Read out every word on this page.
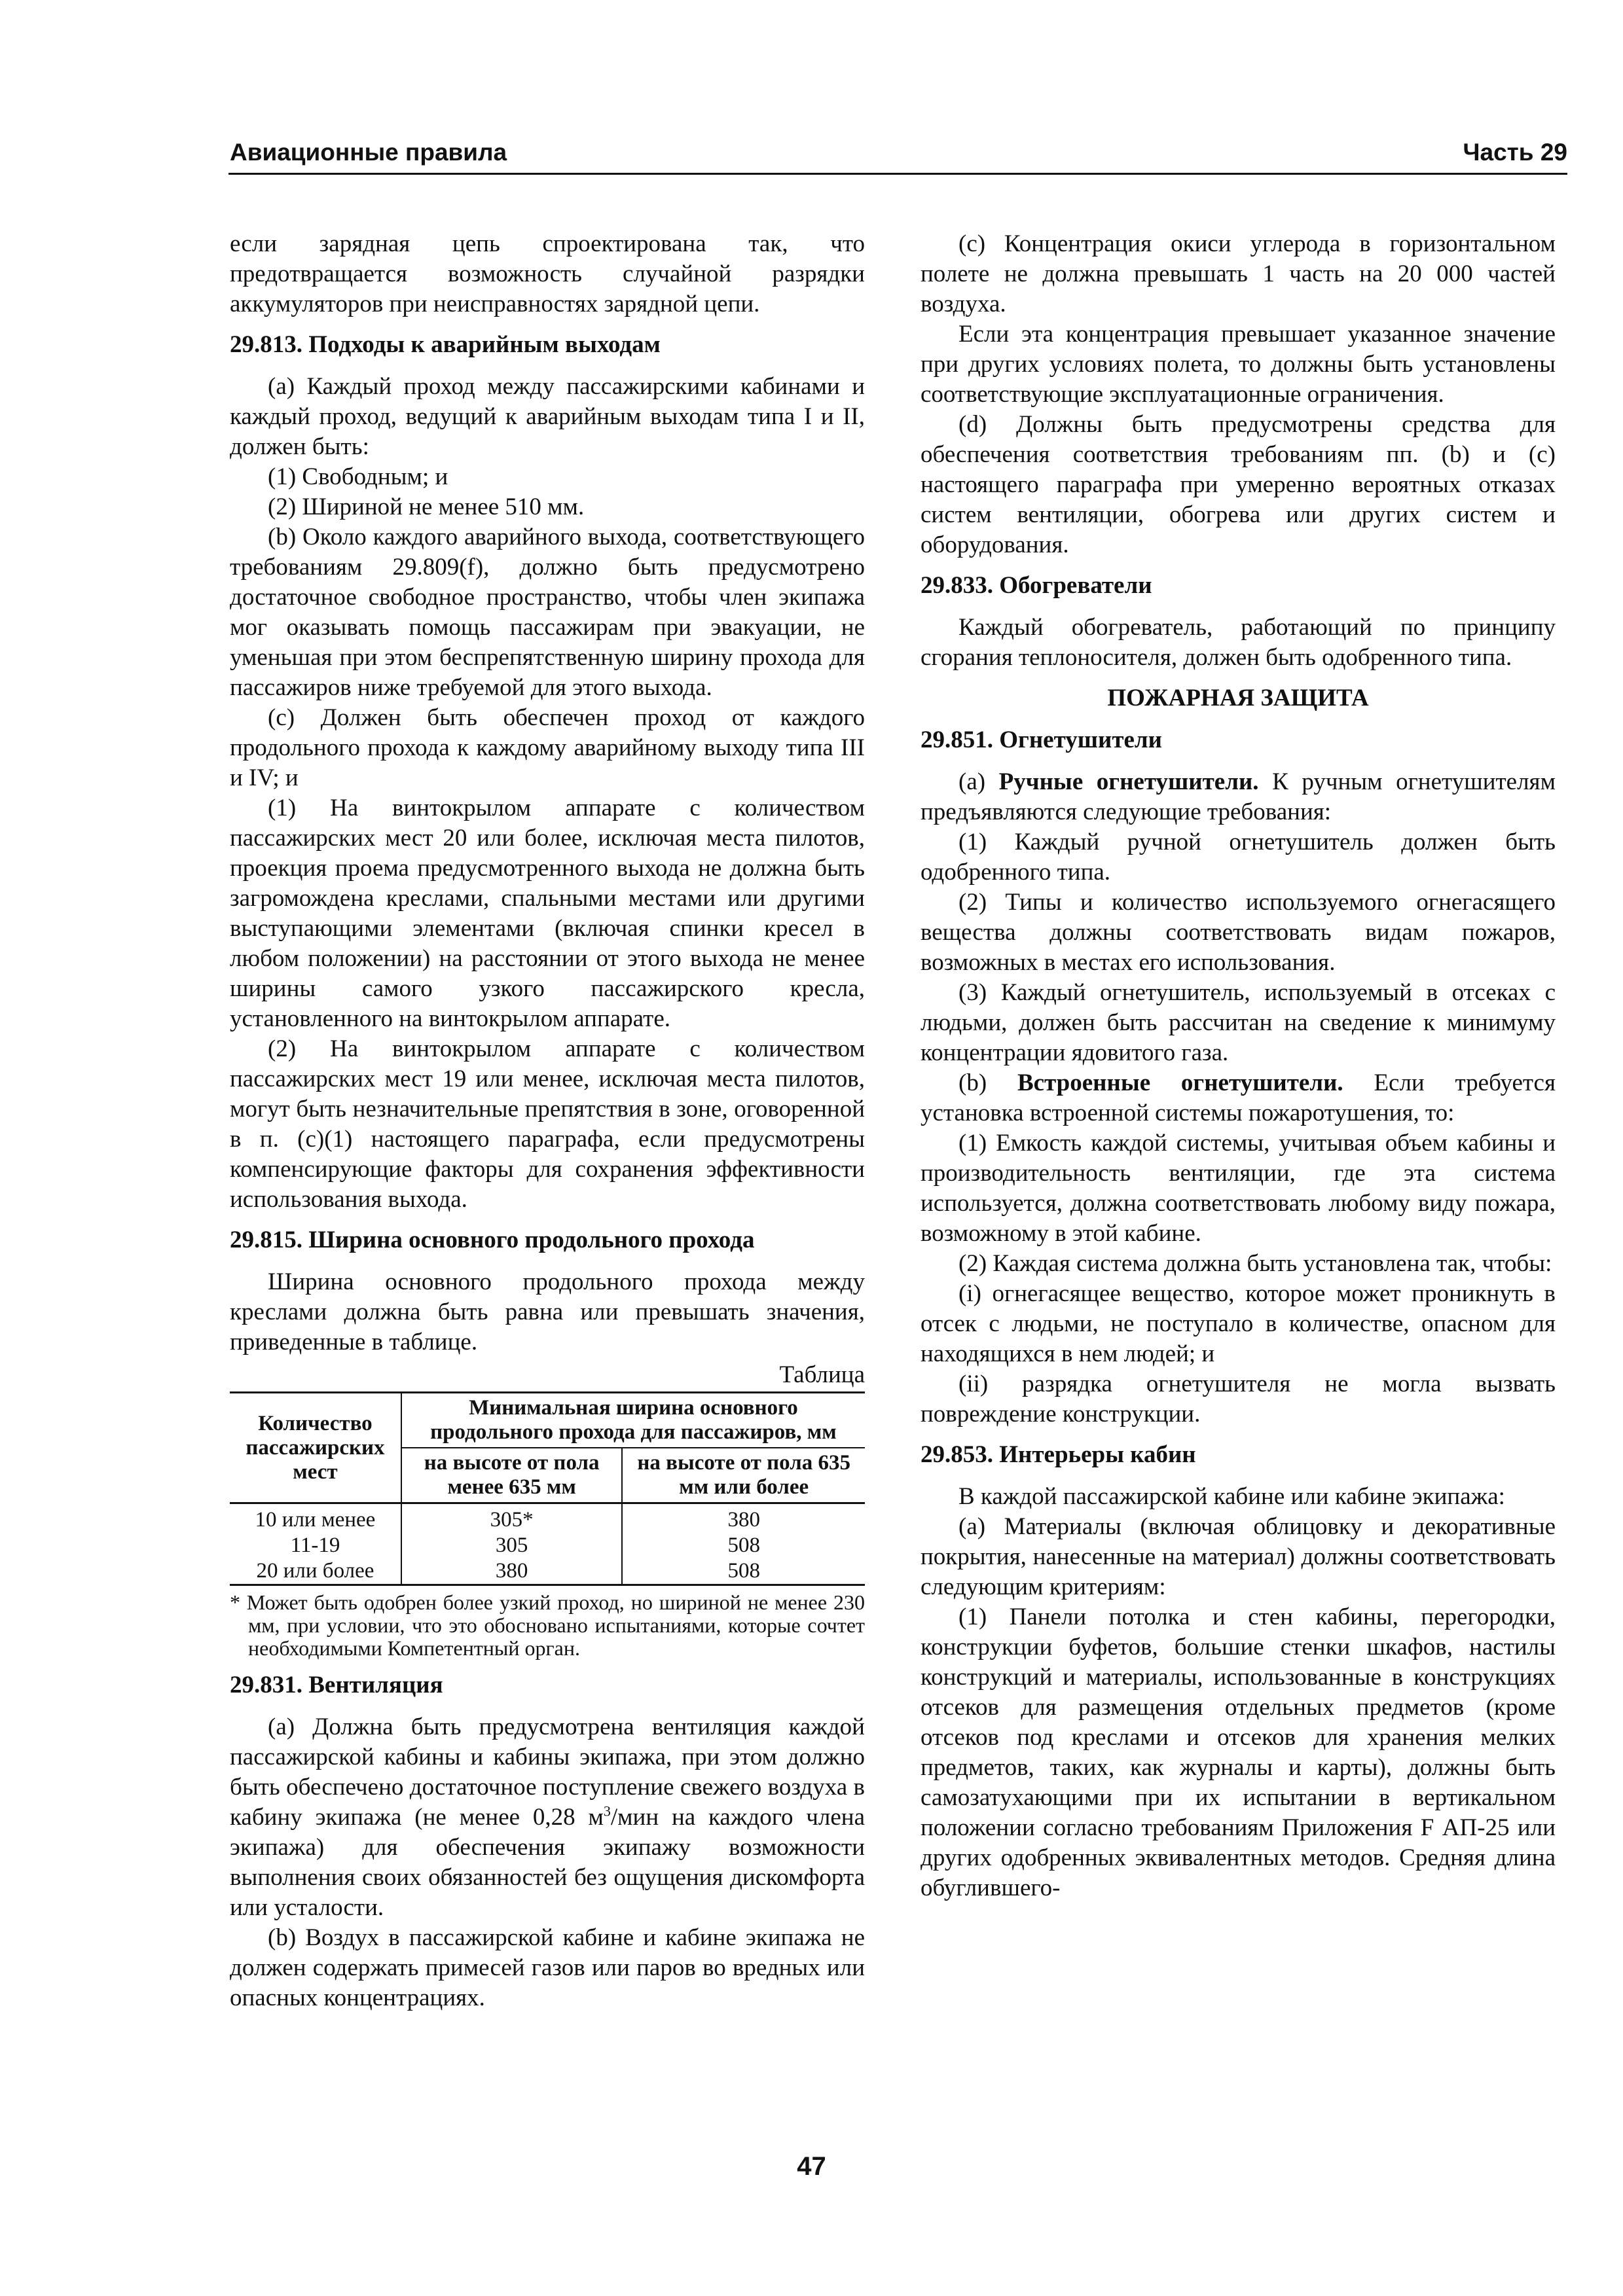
Авиационные правила	Часть 29

если зарядная цепь спроектирована так, что предотвращается возможность случайной разрядки аккумуляторов при неисправностях зарядной цепи.

29.813. Подходы к аварийным выходам

(a) Каждый проход между пассажирскими кабинами и каждый проход, ведущий к аварийным выходам типа I и II, должен быть:

(1) Свободным; и

(2) Шириной не менее 510 мм.

(b) Около каждого аварийного выхода, соответствующего требованиям 29.809(f), должно быть предусмотрено достаточное свободное пространство, чтобы член экипажа мог оказывать помощь пассажирам при эвакуации, не уменьшая при этом беспрепятственную ширину прохода для пассажиров ниже требуемой для этого выхода.

(c) Должен быть обеспечен проход от каждого продольного прохода к каждому аварийному выходу типа III и IV; и

(1) На винтокрылом аппарате с количеством пассажирских мест 20 или более, исключая места пилотов, проекция проема предусмотренного выхода не должна быть загромождена креслами, спальными местами или другими выступающими элементами (включая спинки кресел в любом положении) на расстоянии от этого выхода не менее ширины самого узкого пассажирского кресла, установленного на винтокрылом аппарате.

(2) На винтокрылом аппарате с количеством пассажирских мест 19 или менее, исключая места пилотов, могут быть незначительные препятствия в зоне, оговоренной в п. (c)(1) настоящего параграфа, если предусмотрены компенсирующие факторы для сохранения эффективности использования выхода.

29.815. Ширина основного продольного прохода

Ширина основного продольного прохода между креслами должна быть равна или превышать значения, приведенные в таблице.

Таблица
Количество пассажирских мест	Минимальная ширина основного продольного прохода для пассажиров, мм	
	на высоте от пола менее 635 мм	на высоте от пола 635 мм или более
10 или менее	305*	380
11-19	305	508
20 или более	380	508
* Может быть одобрен более узкий проход, но шириной не менее 230 мм, при условии, что это обосновано испытаниями, которые сочтет необходимыми Компетентный орган.
29.831. Вентиляция

(a) Должна быть предусмотрена вентиляция каждой пассажирской кабины и кабины экипажа, при этом должно быть обеспечено достаточное поступление свежего воздуха в кабину экипажа (не менее 0,28 $м^3$/мин на каждого члена экипажа) для обеспечения экипажу возможности выполнения своих обязанностей без ощущения дискомфорта или усталости.

(b) Воздух в пассажирской кабине и кабине экипажа не должен содержать примесей газов или паров во вредных или опасных концентрациях.

(c) Концентрация окиси углерода в горизонтальном полете не должна превышать 1 часть на 20 000 частей воздуха.

Если эта концентрация превышает указанное значение при других условиях полета, то должны быть установлены соответствующие эксплуатационные ограничения.

(d) Должны быть предусмотрены средства для обеспечения соответствия требованиям пп. (b) и (c) настоящего параграфа при умеренно вероятных отказах систем вентиляции, обогрева или других систем и оборудования.

29.833. Обогреватели

Каждый обогреватель, работающий по принципу сгорания теплоносителя, должен быть одобренного типа.

ПОЖАРНАЯ ЗАЩИТА
29.851. Огнетушители

(a) Ручные огнетушители. К ручным огнетушителям предъявляются следующие требования:

(1) Каждый ручной огнетушитель должен быть одобренного типа.

(2) Типы и количество используемого огнегасящего вещества должны соответствовать видам пожаров, возможных в местах его использования.

(3) Каждый огнетушитель, используемый в отсеках с людьми, должен быть рассчитан на сведение к минимуму концентрации ядовитого газа.

(b) Встроенные огнетушители. Если требуется установка встроенной системы пожаротушения, то:

(1) Емкость каждой системы, учитывая объем кабины и производительность вентиляции, где эта система используется, должна соответствовать любому виду пожара, возможному в этой кабине.

(2) Каждая система должна быть установлена так, чтобы:

(i) огнегасящее вещество, которое может проникнуть в отсек с людьми, не поступало в количестве, опасном для находящихся в нем людей; и

(ii) разрядка огнетушителя не могла вызвать повреждение конструкции.

29.853. Интерьеры кабин

В каждой пассажирской кабине или кабине экипажа:

(a) Материалы (включая облицовку и декоративные покрытия, нанесенные на материал) должны соответствовать следующим критериям:

(1) Панели потолка и стен кабины, перегородки, конструкции буфетов, большие стенки шкафов, настилы конструкций и материалы, использованные в конструкциях отсеков для размещения отдельных предметов (кроме отсеков под креслами и отсеков для хранения мелких предметов, таких, как журналы и карты), должны быть самозатухающими при их испытании в вертикальном положении согласно требованиям Приложения F АП-25 или других одобренных эквивалентных методов. Средняя длина обуглившего-

47
